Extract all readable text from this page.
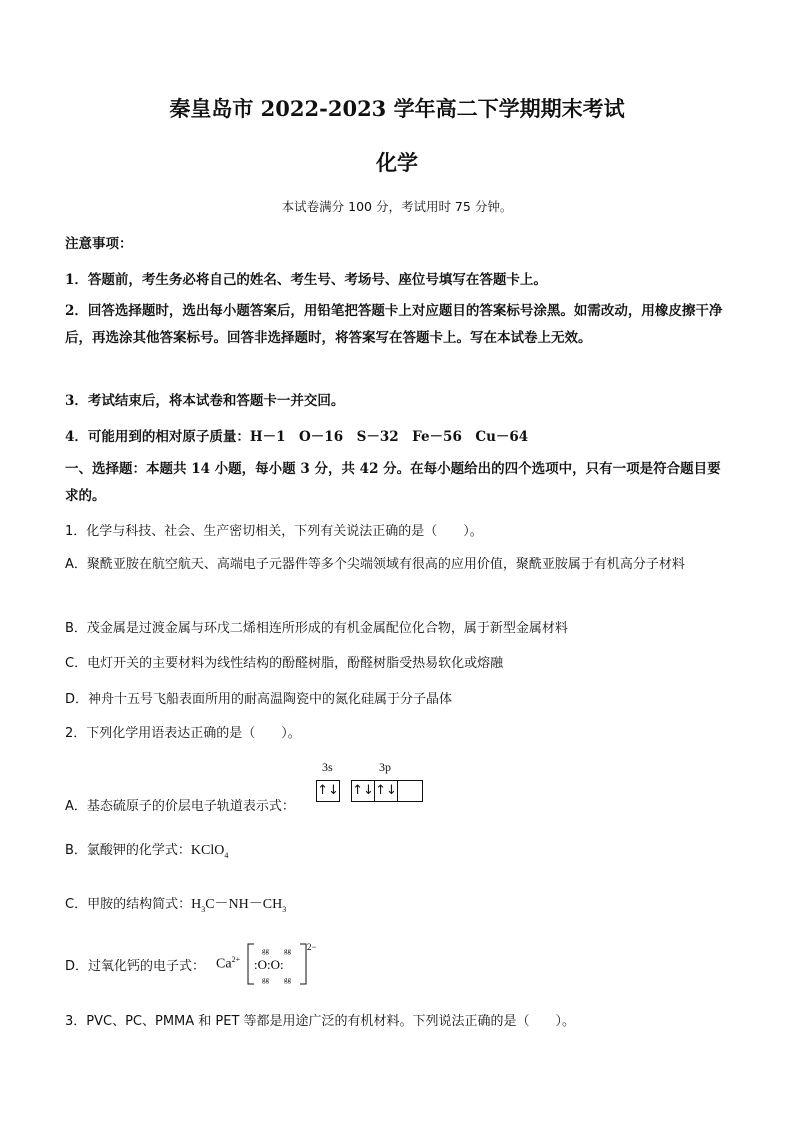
秦皇岛市 2022-2023 学年高二下学期期末考试
化学
本试卷满分 100 分，考试用时 75 分钟。
注意事项：
1．答题前，考生务必将自己的姓名、考生号、考场号、座位号填写在答题卡上。
2．回答选择题时，选出每小题答案后，用铅笔把答题卡上对应题目的答案标号涂黑。如需改动，用橡皮擦干净后，再选涂其他答案标号。回答非选择题时，将答案写在答题卡上。写在本试卷上无效。
3．考试结束后，将本试卷和答题卡一并交回。
4．可能用到的相对原子质量：H－1　O－16　S－32　Fe－56　Cu－64
一、选择题：本题共 14 小题，每小题 3 分，共 42 分。在每小题给出的四个选项中，只有一项是符合题目要求的。
1．化学与科技、社会、生产密切相关，下列有关说法正确的是（　　）。
A．聚酰亚胺在航空航天、高端电子元器件等多个尖端领域有很高的应用价值，聚酰亚胺属于有机高分子材料
B．茂金属是过渡金属与环戊二烯相连所形成的有机金属配位化合物，属于新型金属材料
C．电灯开关的主要材料为线性结构的酚醛树脂，酚醛树脂受热易软化或熔融
D．神舟十五号飞船表面所用的耐高温陶瓷中的氮化硅属于分子晶体
2．下列化学用语表达正确的是（　　）。
A．基态硫原子的价层电子轨道表示式：
3s	3p
↑↓ ↑↓ ↑↓
B．氯酸钾的化学式：KClO$_4$
C．甲胺的结构简式：$H_3C-NH-CH_3$
D．过氧化钙的电子式： $Ca^{2+}$
gg gg
gg gg
:O:O:
2−
3．PVC、PC、PMMA 和 PET 等都是用途广泛的有机材料。下列说法正确的是（　　）。
